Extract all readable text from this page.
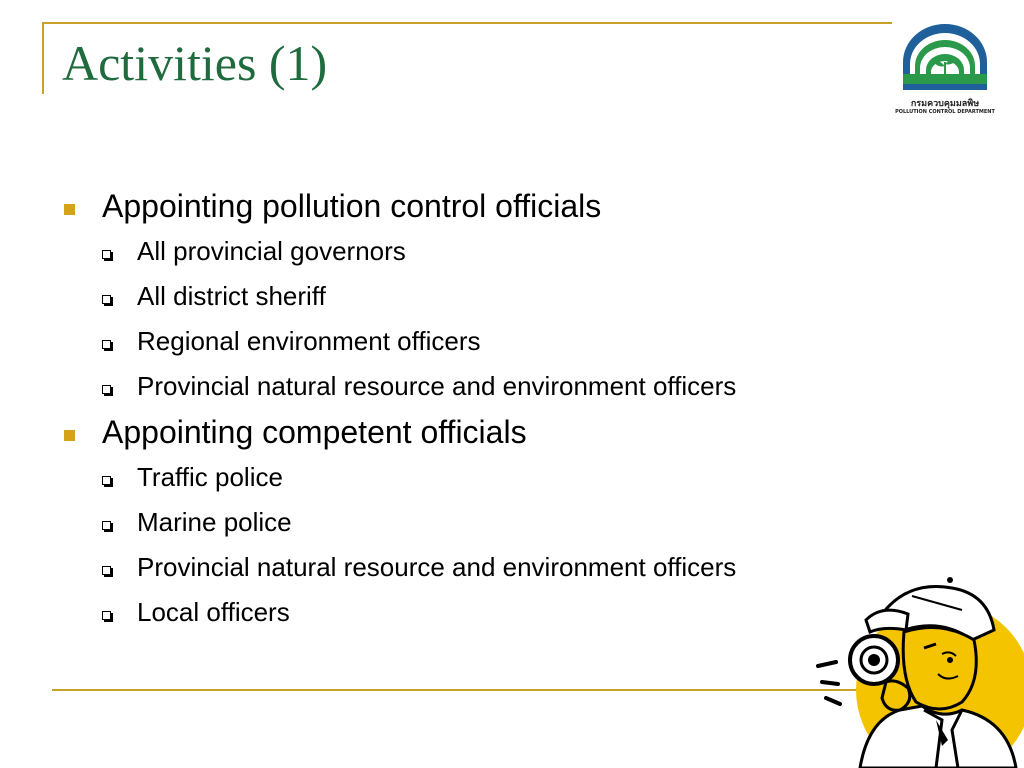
Activities (1)
กรมควบคุมมลพิษ
POLLUTION CONTROL DEPARTMENT
Appointing pollution control officials
All provincial governors
All district sheriff
Regional environment officers
Provincial natural resource and environment officers
Appointing competent officials
Traffic police
Marine police
Provincial natural resource and environment officers
Local officers
